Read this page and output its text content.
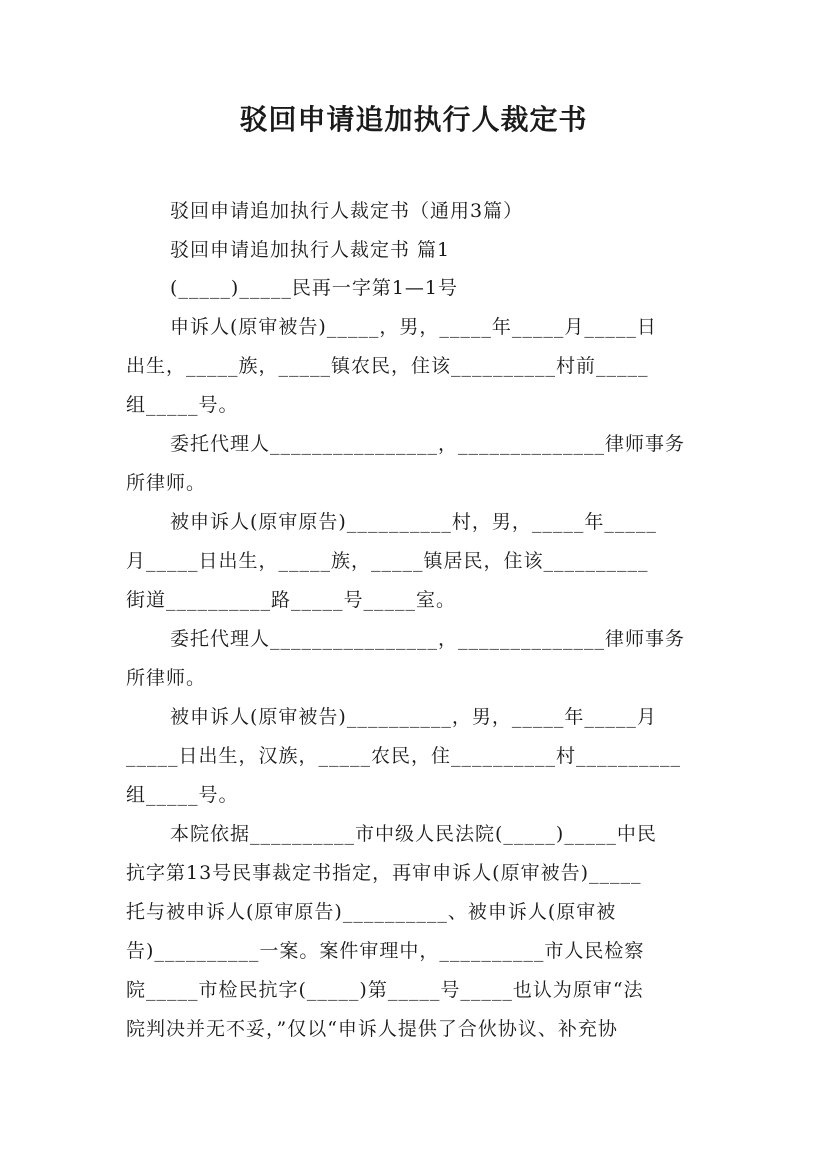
驳回申请追加执行人裁定书
驳回申请追加执行人裁定书（通用3篇）
驳回申请追加执行人裁定书 篇1
(_____)_____民再一字第1—1号
申诉人(原审被告)_____，男，_____年_____月_____日
出生，_____族，_____镇农民，住该__________村前_____
组_____号。
委托代理人________________，______________律师事务
所律师。
被申诉人(原审原告)__________村，男，_____年_____
月_____日出生，_____族，_____镇居民，住该__________
街道__________路_____号_____室。
委托代理人________________，______________律师事务
所律师。
被申诉人(原审被告)__________，男，_____年_____月
_____日出生，汉族，_____农民，住__________村__________
组_____号。
本院依据__________市中级人民法院(_____)_____中民
抗字第13号民事裁定书指定，再审申诉人(原审被告)_____
托与被申诉人(原审原告)__________、被申诉人(原审被
告)__________一案。案件审理中，__________市人民检察
院_____市检民抗字(_____)第_____号_____也认为原审“法
院判决并无不妥，”仅以“申诉人提供了合伙协议、补充协
